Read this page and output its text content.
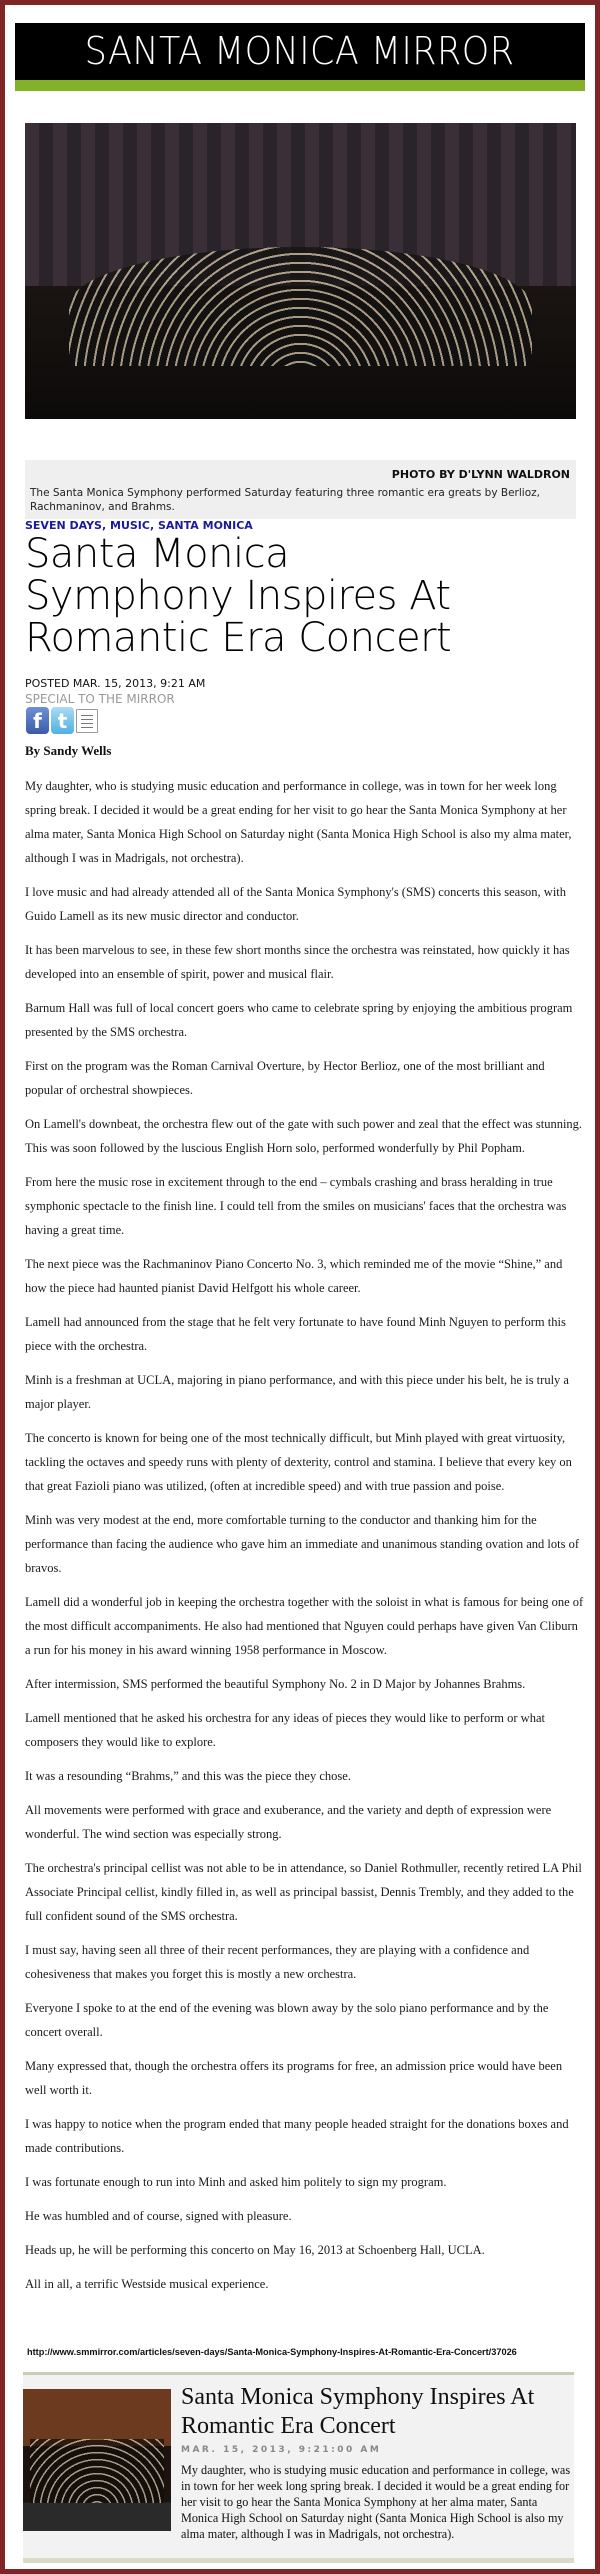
SANTA MONICA MIRROR
PHOTO BY D'LYNN WALDRON
The Santa Monica Symphony performed Saturday featuring three romantic era greats by Berlioz, Rachmaninov, and Brahms.
SEVEN DAYS, MUSIC, SANTA MONICA
Santa Monica Symphony Inspires At Romantic Era Concert
POSTED MAR. 15, 2013, 9:21 AM
SPECIAL TO THE MIRROR
f t
By Sandy Wells

My daughter, who is studying music education and performance in college, was in town for her week long spring break. I decided it would be a great ending for her visit to go hear the Santa Monica Symphony at her alma mater, Santa Monica High School on Saturday night (Santa Monica High School is also my alma mater, although I was in Madrigals, not orchestra).

I love music and had already attended all of the Santa Monica Symphony's (SMS) concerts this season, with Guido Lamell as its new music director and conductor.

It has been marvelous to see, in these few short months since the orchestra was reinstated, how quickly it has developed into an ensemble of spirit, power and musical flair.

Barnum Hall was full of local concert goers who came to celebrate spring by enjoying the ambitious program presented by the SMS orchestra.

First on the program was the Roman Carnival Overture, by Hector Berlioz, one of the most brilliant and popular of orchestral showpieces.

On Lamell's downbeat, the orchestra flew out of the gate with such power and zeal that the effect was stunning. This was soon followed by the luscious English Horn solo, performed wonderfully by Phil Popham.

From here the music rose in excitement through to the end – cymbals crashing and brass heralding in true symphonic spectacle to the finish line. I could tell from the smiles on musicians' faces that the orchestra was having a great time.

The next piece was the Rachmaninov Piano Concerto No. 3, which reminded me of the movie “Shine,” and how the piece had haunted pianist David Helfgott his whole career.

Lamell had announced from the stage that he felt very fortunate to have found Minh Nguyen to perform this piece with the orchestra.

Minh is a freshman at UCLA, majoring in piano performance, and with this piece under his belt, he is truly a major player.

The concerto is known for being one of the most technically difficult, but Minh played with great virtuosity, tackling the octaves and speedy runs with plenty of dexterity, control and stamina. I believe that every key on that great Fazioli piano was utilized, (often at incredible speed) and with true passion and poise.

Minh was very modest at the end, more comfortable turning to the conductor and thanking him for the performance than facing the audience who gave him an immediate and unanimous standing ovation and lots of bravos.

Lamell did a wonderful job in keeping the orchestra together with the soloist in what is famous for being one of the most difficult accompaniments. He also had mentioned that Nguyen could perhaps have given Van Cliburn a run for his money in his award winning 1958 performance in Moscow.

After intermission, SMS performed the beautiful Symphony No. 2 in D Major by Johannes Brahms.

Lamell mentioned that he asked his orchestra for any ideas of pieces they would like to perform or what composers they would like to explore.

It was a resounding “Brahms,” and this was the piece they chose.

All movements were performed with grace and exuberance, and the variety and depth of expression were wonderful. The wind section was especially strong.

The orchestra's principal cellist was not able to be in attendance, so Daniel Rothmuller, recently retired LA Phil Associate Principal cellist, kindly filled in, as well as principal bassist, Dennis Trembly, and they added to the full confident sound of the SMS orchestra.

I must say, having seen all three of their recent performances, they are playing with a confidence and cohesiveness that makes you forget this is mostly a new orchestra.

Everyone I spoke to at the end of the evening was blown away by the solo piano performance and by the concert overall.

Many expressed that, though the orchestra offers its programs for free, an admission price would have been well worth it.

I was happy to notice when the program ended that many people headed straight for the donations boxes and made contributions.

I was fortunate enough to run into Minh and asked him politely to sign my program.

He was humbled and of course, signed with pleasure.

Heads up, he will be performing this concerto on May 16, 2013 at Schoenberg Hall, UCLA.

All in all, a terrific Westside musical experience.

http://www.smmirror.com/articles/seven-days/Santa-Monica-Symphony-Inspires-At-Romantic-Era-Concert/37026
Santa Monica Symphony Inspires At Romantic Era Concert
MAR. 15, 2013, 9:21:00 AM
My daughter, who is studying music education and performance in college, was in town for her week long spring break. I decided it would be a great ending for her visit to go hear the Santa Monica Symphony at her alma mater, Santa Monica High School on Saturday night (Santa Monica High School is also my alma mater, although I was in Madrigals, not orchestra).
